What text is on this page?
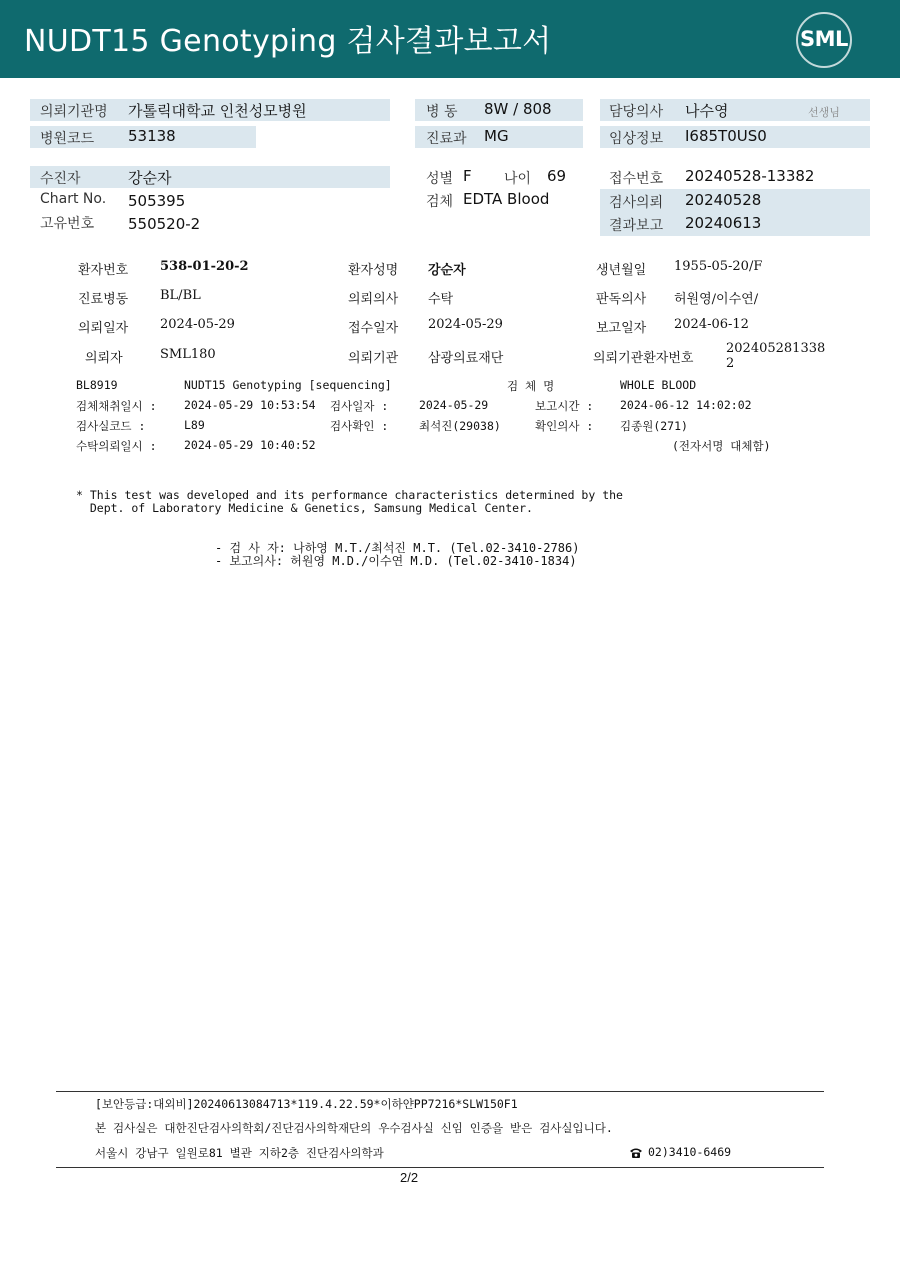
NUDT15 Genotyping 검사결과보고서	SML
의뢰기관명 가톨릭대학교 인천성모병원
병원코드 53138
병 동 8W / 808
진료과 MG
담당의사 나수영	선생님
임상정보 I685T0US0
수진자	강순자
Chart No. 505395
고유번호 550520-2
성별 F 나이 69
검체 EDTA Blood
접수번호 20240528-13382
검사의뢰 20240528
결과보고 20240613
환자번호 538-01-20-2	환자성명 강순자	생년월일 1955-05-20/F
진료병동 BL/BL	의뢰의사 수탁	판독의사 허원영/이수연/
의뢰일자 2024-05-29	접수일자 2024-05-29	보고일자 2024-06-12
의뢰자	SML180	의뢰기관 삼광의료재단	의뢰기관환자번호
202405281338
2
BL8919	NUDT15 Genotyping [sequencing]	검 체 명	WHOLE BLOOD
검체채취일시 : 2024-05-29 10:53:54 검사일자 :	2024-05-29	보고시간 : 2024-06-12 14:02:02
검사실코드 :	L89	검사확인 :	최석진(29038)	확인의사 : 김종원(271)
수탁의뢰일시 : 2024-05-29 10:40:52	(전자서명 대체함)
* This test was developed and its performance characteristics determined by the
Dept. of Laboratory Medicine & Genetics, Samsung Medical Center.
- 검 사 자: 나하영 M.T./최석진 M.T. (Tel.02-3410-2786)
- 보고의사: 허원영 M.D./이수연 M.D. (Tel.02-3410-1834)
[보안등급:대외비]20240613084713*119.4.22.59*이하얀PP7216*SLW150F1
본 검사실은 대한진단검사의학회/진단검사의학재단의 우수검사실 신임 인증을 받은 검사실입니다.
서울시 강남구 일원로81 별관 지하2층 진단검사의학과	02)3410-6469
2/2
